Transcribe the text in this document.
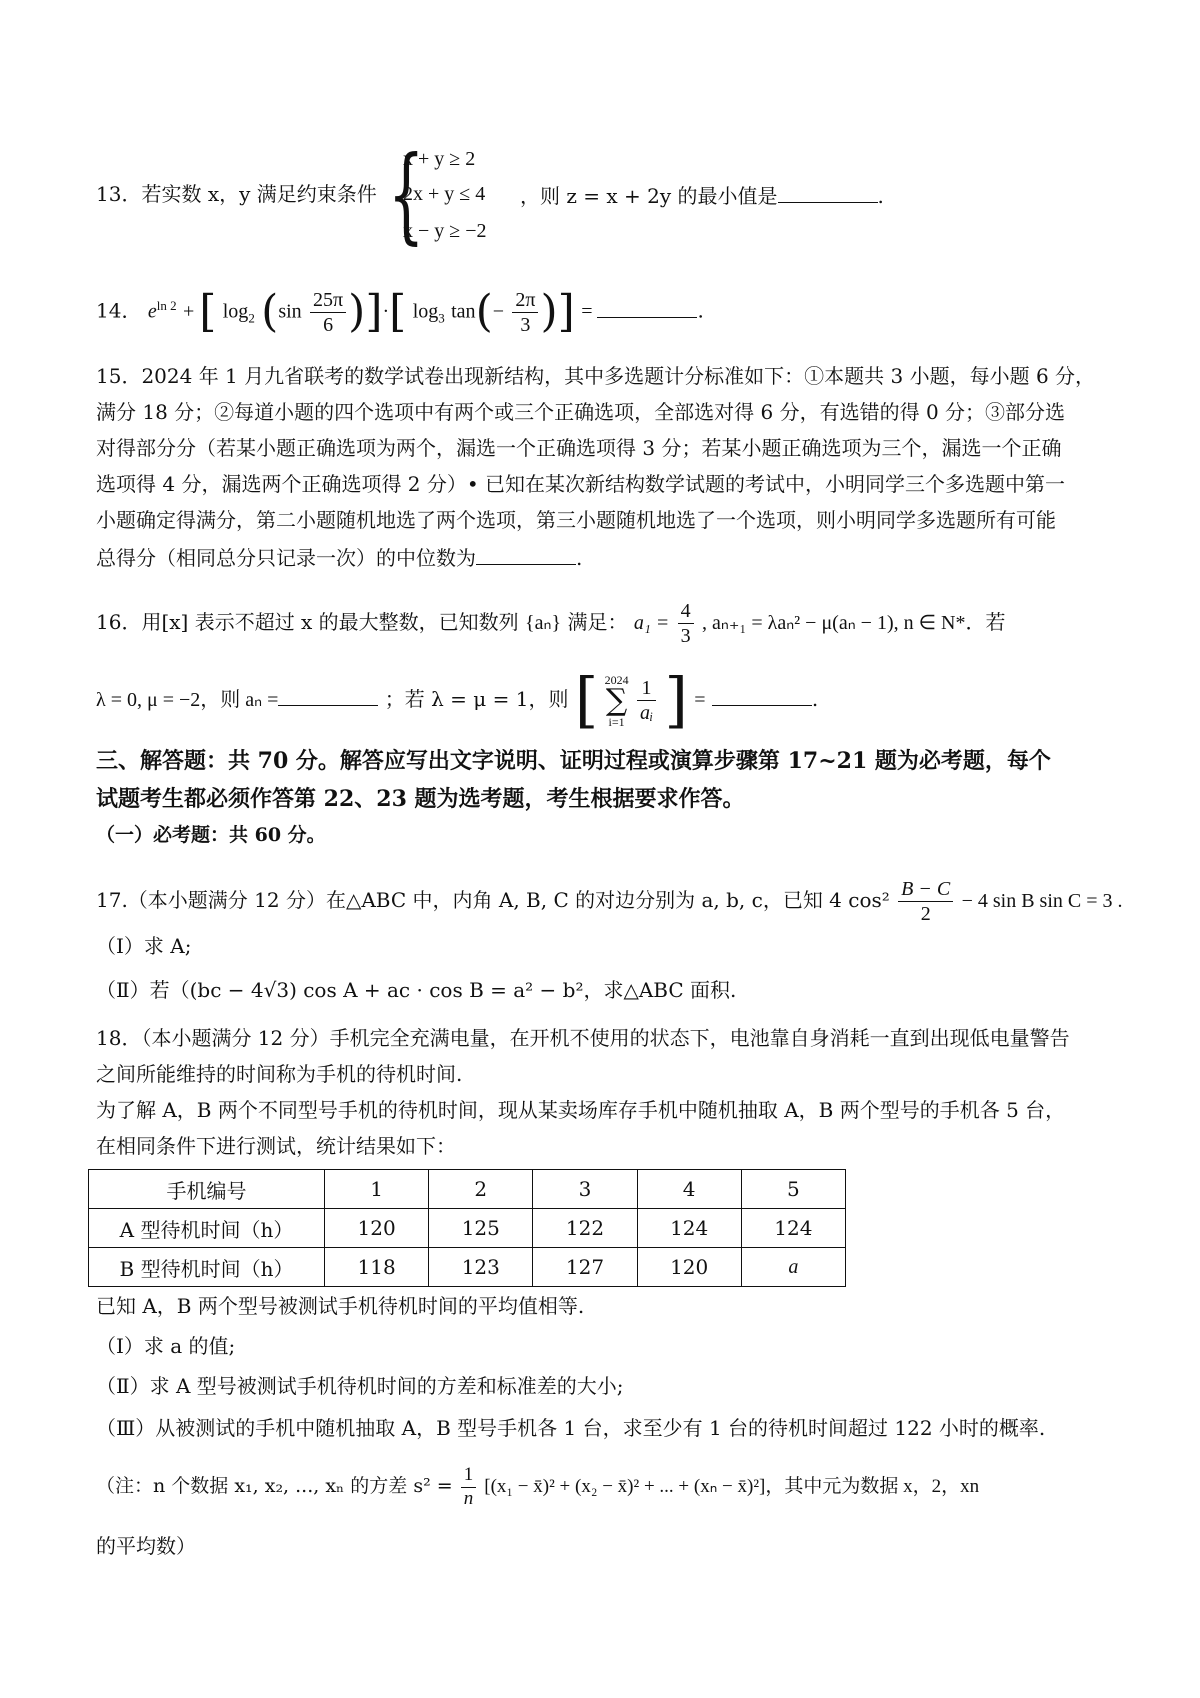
{
x + y ≥ 2
2x + y ≤ 4
x − y ≥ −2
13．若实数 x，y 满足约束条件	，则 z = x + 2y 的最小值是	.
14． $e^{ln 2}$ + [ $\log_2 (\sin \frac{25\pi}{6}$ )]·[ $\log_3 \tan(- \frac{2\pi}{3}$ )] =	.
15．2024 年 1 月九省联考的数学试卷出现新结构，其中多选题计分标准如下：①本题共 3 小题，每小题 6 分，
满分 18 分；②每道小题的四个选项中有两个或三个正确选项，全部选对得 6 分，有选错的得 0 分；③部分选
对得部分分（若某小题正确选项为两个，漏选一个正确选项得 3 分；若某小题正确选项为三个，漏选一个正确
选项得 4 分，漏选两个正确选项得 2 分）• 已知在某次新结构数学试题的考试中，小明同学三个多选题中第一
小题确定得满分，第二小题随机地选了两个选项，第三小题随机地选了一个选项，则小明同学多选题所有可能
总得分（相同总分只记录一次）的中位数为	.
16．用[x] 表示不超过 x 的最大整数，已知数列 {aₙ} 满足： $a_1 = \frac{4}{3}$ , aₙ₊₁ = λaₙ² − μ(aₙ − 1), n ∈ N*．若
λ = 0, μ = −2，则 aₙ =	；若 λ = μ = 1，则 [ 2024
∑
i=1
$\frac{1}{\text{aᵢ}}$ ] =	.
三、解答题：共 70 分。解答应写出文字说明、证明过程或演算步骤第 17~21 题为必考题，每个
试题考生都必须作答第 22、23 题为选考题，考生根据要求作答。
（一）必考题：共 60 分。
17.（本小题满分 12 分）在△ABC 中，内角 A, B, C 的对边分别为 a, b, c，已知 4 $\cos^2 \frac{B - C}{2} - 4$ sin B sin C = 3 .
（I）求 A;
（Ⅱ）若（(bc − 4√3) cos A + ac · cos B = a² − b²，求△ABC 面积.
18．（本小题满分 12 分）手机完全充满电量，在开机不使用的状态下，电池靠自身消耗一直到出现低电量警告
之间所能维持的时间称为手机的待机时间.
为了解 A，B 两个不同型号手机的待机时间，现从某卖场库存手机中随机抽取 A，B 两个型号的手机各 5 台，
在相同条件下进行测试，统计结果如下：
手机编号	1	2	3	4	5
A 型待机时间（h）	120	125	122	124	124
B 型待机时间（h）	118	123	127	120	a
已知 A，B 两个型号被测试手机待机时间的平均值相等.
（I）求 a 的值;
（Ⅱ）求 A 型号被测试手机待机时间的方差和标准差的大小;
（Ⅲ）从被测试的手机中随机抽取 A，B 型号手机各 1 台，求至少有 1 台的待机时间超过 122 小时的概率.
（注：n 个数据 x₁, x₂, ..., xₙ 的方差 $s^2 = \frac{1}{n} [(x_1$ − x̄)² + (x₂ − x̄)² + ... + (xₙ − x̄)²]，其中元为数据 x，2，xn
的平均数）
